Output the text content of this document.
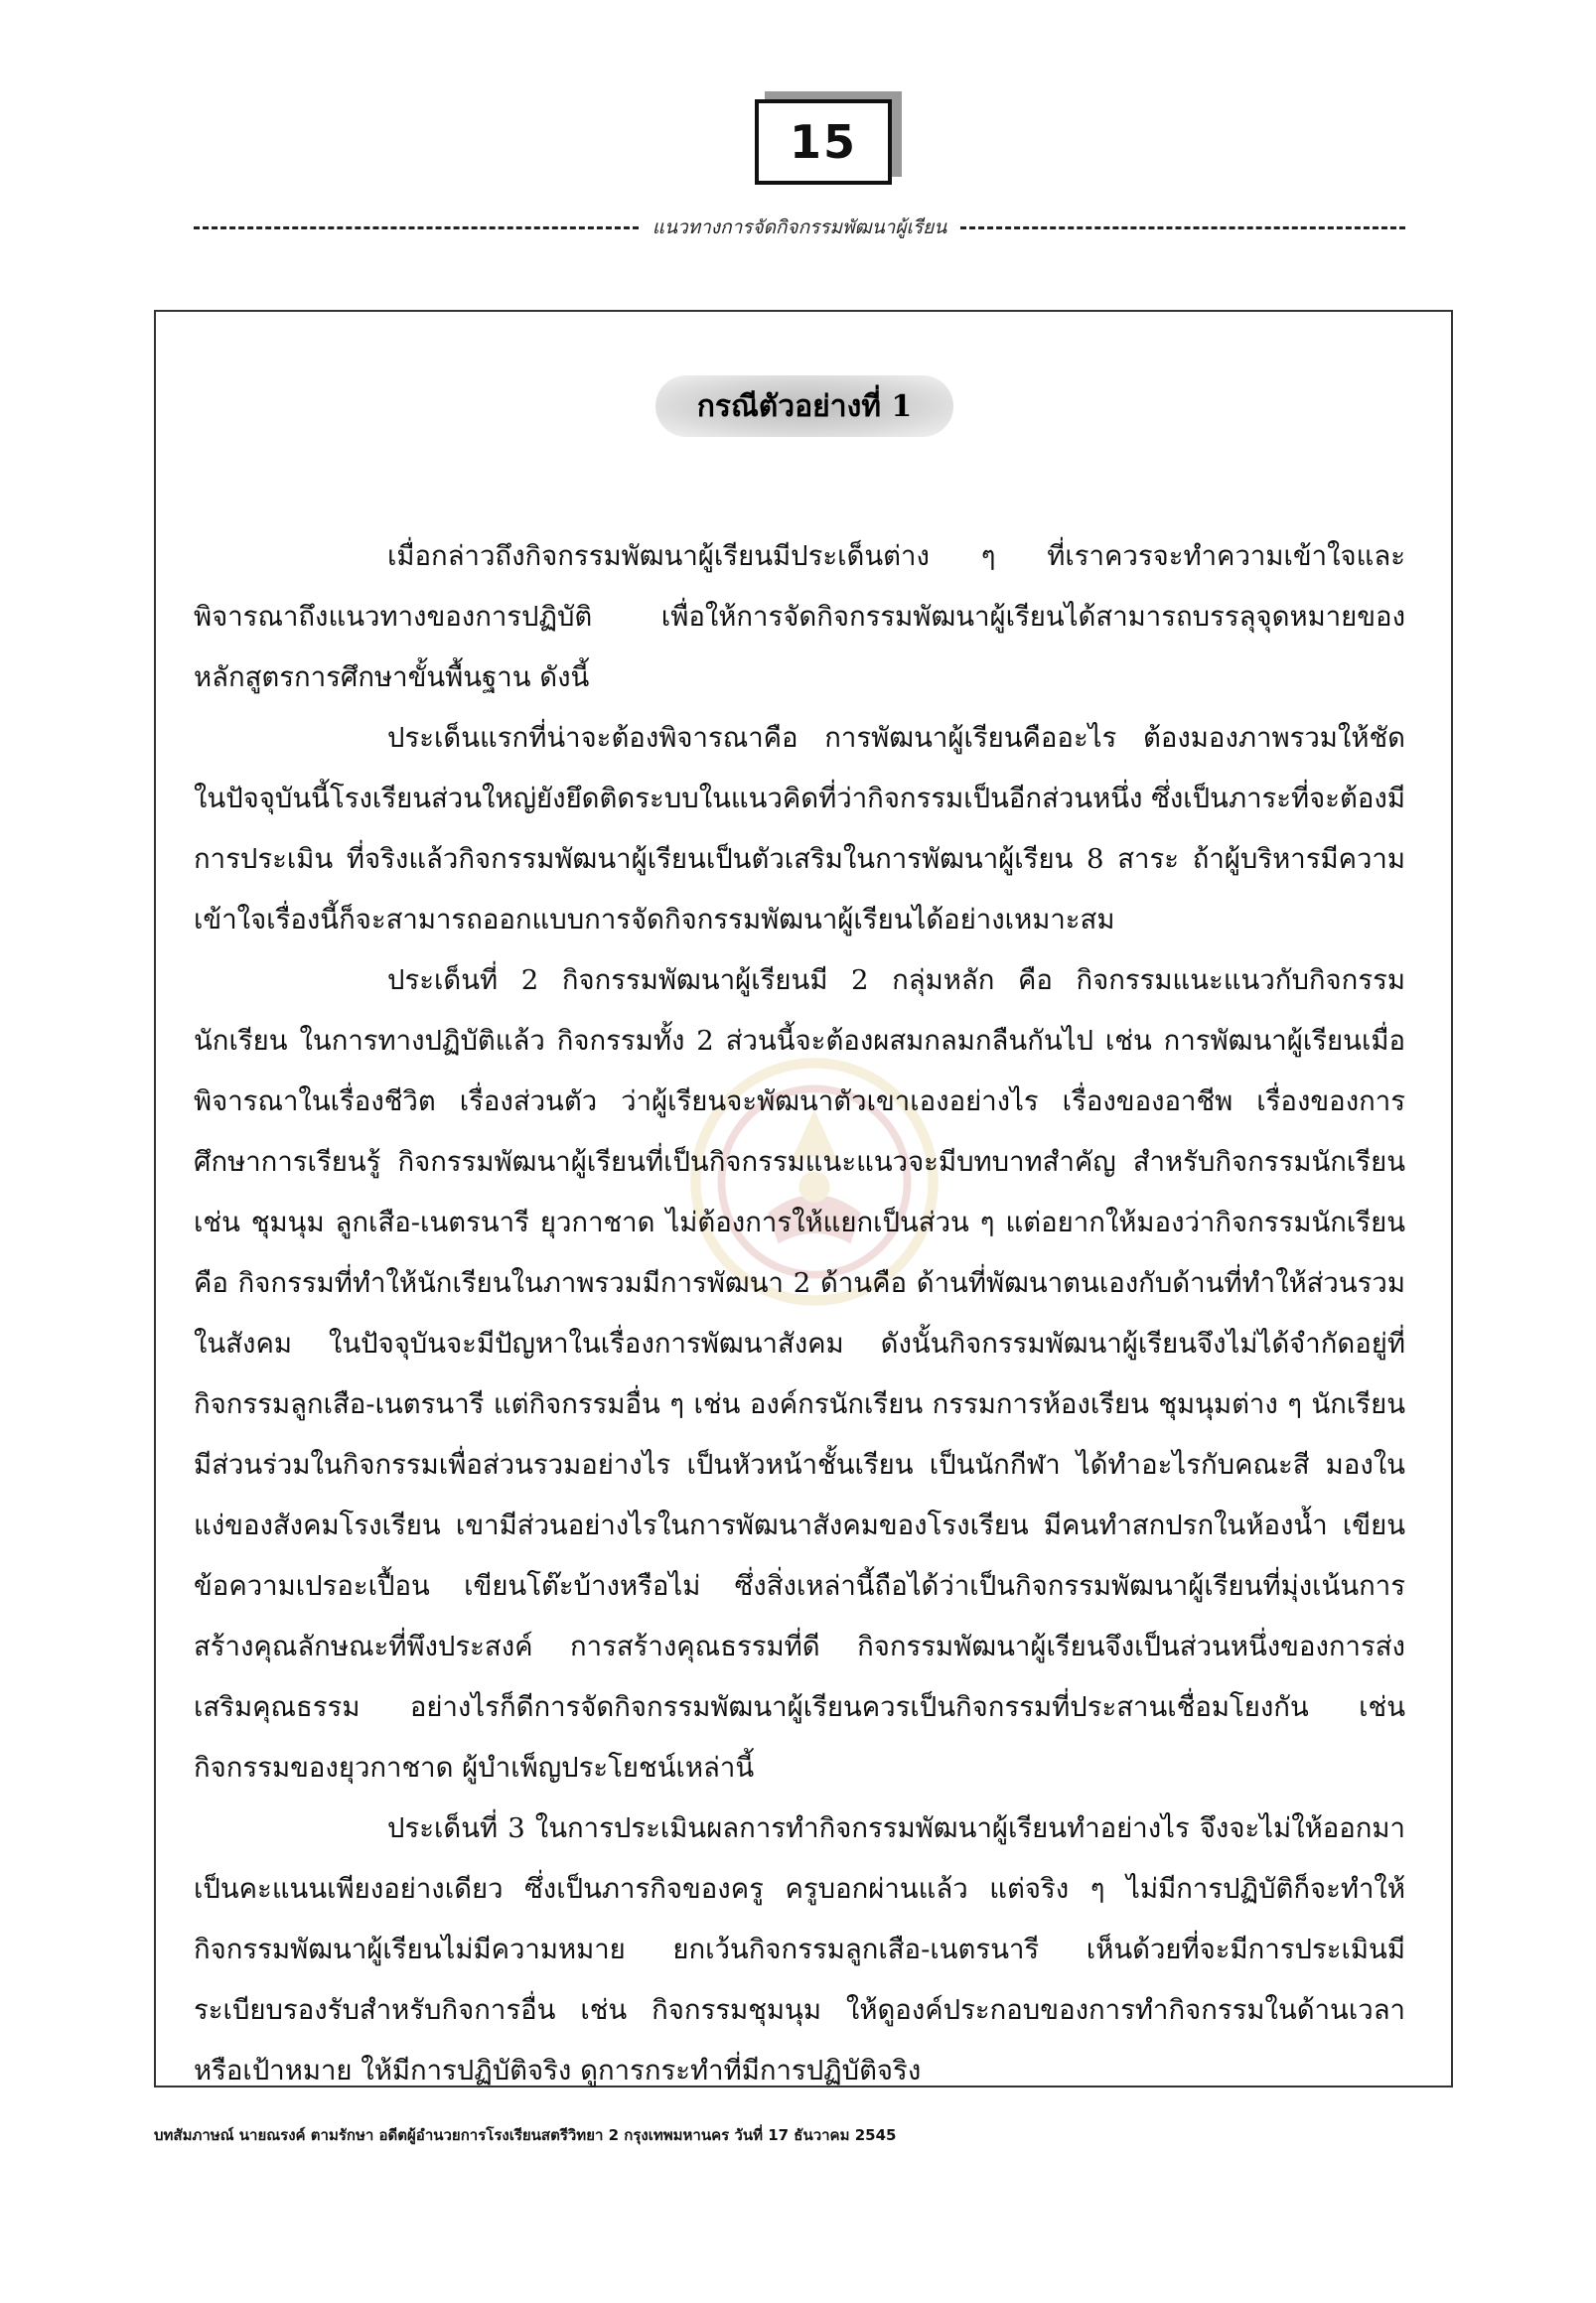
15
แนวทางการจัดกิจกรรมพัฒนาผู้เรียน
กรณีตัวอย่างที่ 1

เมื่อกล่าวถึงกิจกรรมพัฒนาผู้เรียนมีประเด็นต่าง ๆ ที่เราควรจะทำความเข้าใจและพิจารณาถึงแนวทางของการปฏิบัติ เพื่อให้การจัดกิจกรรมพัฒนาผู้เรียนได้สามารถบรรลุจุดหมายของหลักสูตรการศึกษาขั้นพื้นฐาน ดังนี้

ประเด็นแรกที่น่าจะต้องพิจารณาคือ การพัฒนาผู้เรียนคืออะไร ต้องมองภาพรวมให้ชัด ในปัจจุบันนี้โรงเรียนส่วนใหญ่ยังยึดติดระบบในแนวคิดที่ว่ากิจกรรมเป็นอีกส่วนหนึ่ง ซึ่งเป็นภาระที่จะต้องมีการประเมิน ที่จริงแล้วกิจกรรมพัฒนาผู้เรียนเป็นตัวเสริมในการพัฒนาผู้เรียน 8 สาระ ถ้าผู้บริหารมีความเข้าใจเรื่องนี้ก็จะสามารถออกแบบการจัดกิจกรรมพัฒนาผู้เรียนได้อย่างเหมาะสม

ประเด็นที่ 2 กิจกรรมพัฒนาผู้เรียนมี 2 กลุ่มหลัก คือ กิจกรรมแนะแนวกับกิจกรรมนักเรียน ในการทางปฏิบัติแล้ว กิจกรรมทั้ง 2 ส่วนนี้จะต้องผสมกลมกลืนกันไป เช่น การพัฒนาผู้เรียนเมื่อพิจารณาในเรื่องชีวิต เรื่องส่วนตัว ว่าผู้เรียนจะพัฒนาตัวเขาเองอย่างไร เรื่องของอาชีพ เรื่องของการศึกษาการเรียนรู้ กิจกรรมพัฒนาผู้เรียนที่เป็นกิจกรรมแนะแนวจะมีบทบาทสำคัญ สำหรับกิจกรรมนักเรียน เช่น ชุมนุม ลูกเสือ-เนตรนารี ยุวกาชาด ไม่ต้องการให้แยกเป็นส่วน ๆ แต่อยากให้มองว่ากิจกรรมนักเรียน คือ กิจกรรมที่ทำให้นักเรียนในภาพรวมมีการพัฒนา 2 ด้านคือ ด้านที่พัฒนาตนเองกับด้านที่ทำให้ส่วนรวมในสังคม ในปัจจุบันจะมีปัญหาในเรื่องการพัฒนาสังคม ดังนั้นกิจกรรมพัฒนาผู้เรียนจึงไม่ได้จำกัดอยู่ที่กิจกรรมลูกเสือ-เนตรนารี แต่กิจกรรมอื่น ๆ เช่น องค์กรนักเรียน กรรมการห้องเรียน ชุมนุมต่าง ๆ นักเรียนมีส่วนร่วมในกิจกรรมเพื่อส่วนรวมอย่างไร เป็นหัวหน้าชั้นเรียน เป็นนักกีฬา ได้ทำอะไรกับคณะสี มองในแง่ของสังคมโรงเรียน เขามีส่วนอย่างไรในการพัฒนาสังคมของโรงเรียน มีคนทำสกปรกในห้องน้ำ เขียนข้อความเปรอะเปื้อน เขียนโต๊ะบ้างหรือไม่ ซึ่งสิ่งเหล่านี้ถือได้ว่าเป็นกิจกรรมพัฒนาผู้เรียนที่มุ่งเน้นการสร้างคุณลักษณะที่พึงประสงค์ การสร้างคุณธรรมที่ดี กิจกรรมพัฒนาผู้เรียนจึงเป็นส่วนหนึ่งของการส่งเสริมคุณธรรม อย่างไรก็ดีการจัดกิจกรรมพัฒนาผู้เรียนควรเป็นกิจกรรมที่ประสานเชื่อมโยงกัน เช่น กิจกรรมของยุวกาชาด ผู้บำเพ็ญประโยชน์เหล่านี้

ประเด็นที่ 3 ในการประเมินผลการทำกิจกรรมพัฒนาผู้เรียนทำอย่างไร จึงจะไม่ให้ออกมาเป็นคะแนนเพียงอย่างเดียว ซึ่งเป็นภารกิจของครู ครูบอกผ่านแล้ว แต่จริง ๆ ไม่มีการปฏิบัติก็จะทำให้กิจกรรมพัฒนาผู้เรียนไม่มีความหมาย ยกเว้นกิจกรรมลูกเสือ-เนตรนารี เห็นด้วยที่จะมีการประเมินมีระเบียบรองรับสำหรับกิจการอื่น เช่น กิจกรรมชุมนุม ให้ดูองค์ประกอบของการทำกิจกรรมในด้านเวลา หรือเป้าหมาย ให้มีการปฏิบัติจริง ดูการกระทำที่มีการปฏิบัติจริง

บทสัมภาษณ์ นายณรงค์ ตามรักษา อดีตผู้อำนวยการโรงเรียนสตรีวิทยา 2 กรุงเทพมหานคร วันที่ 17 ธันวาคม 2545
